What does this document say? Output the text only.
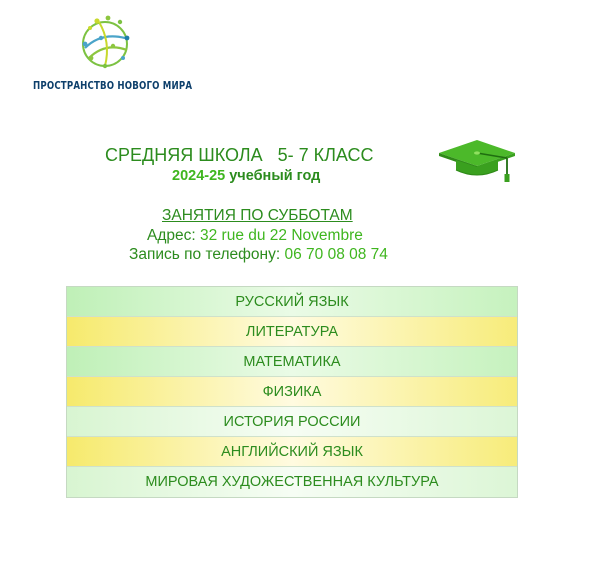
ПРОСТРАНСТВО НОВОГО МИРА
СРЕДНЯЯ ШКОЛА   5- 7 КЛАСС
2024-25 учебный год
ЗАНЯТИЯ ПО СУББОТАМ
Адрес: 32 rue du 22 Novembre
Запись по телефону: 06 70 08 08 74
РУССКИЙ ЯЗЫК
ЛИТЕРАТУРА
МАТЕМАТИКА
ФИЗИКА
ИСТОРИЯ РОССИИ
АНГЛИЙСКИЙ ЯЗЫК
МИРОВАЯ ХУДОЖЕСТВЕННАЯ КУЛЬТУРА
